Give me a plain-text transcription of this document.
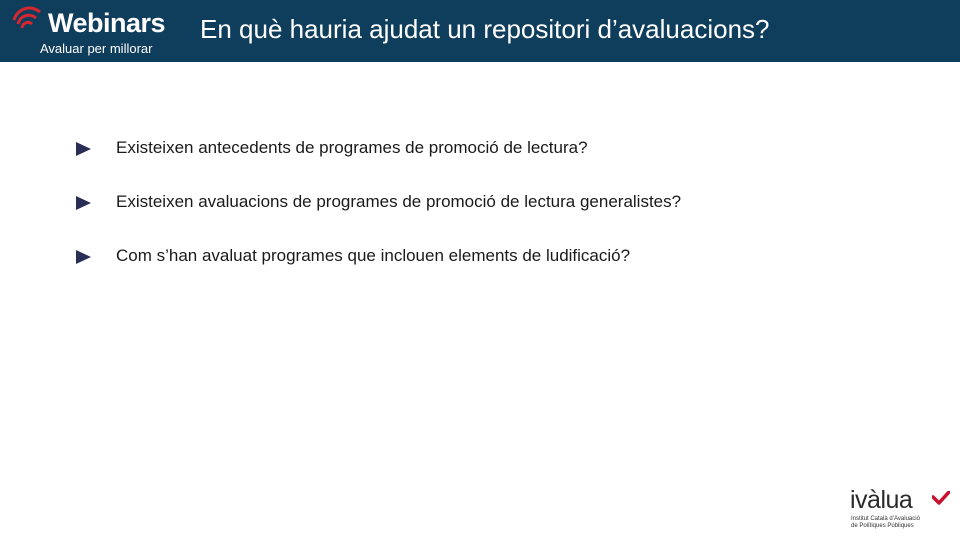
Webinars
Avaluar per millorar
En què hauria ajudat un repositori d’avaluacions?
Existeixen antecedents de programes de promoció de lectura?
Existeixen avaluacions de programes de promoció de lectura generalistes?
Com s’han avaluat programes que inclouen elements de ludificació?
ivàlua
Institut Català d’Avaluació
de Polítiques Públiques
